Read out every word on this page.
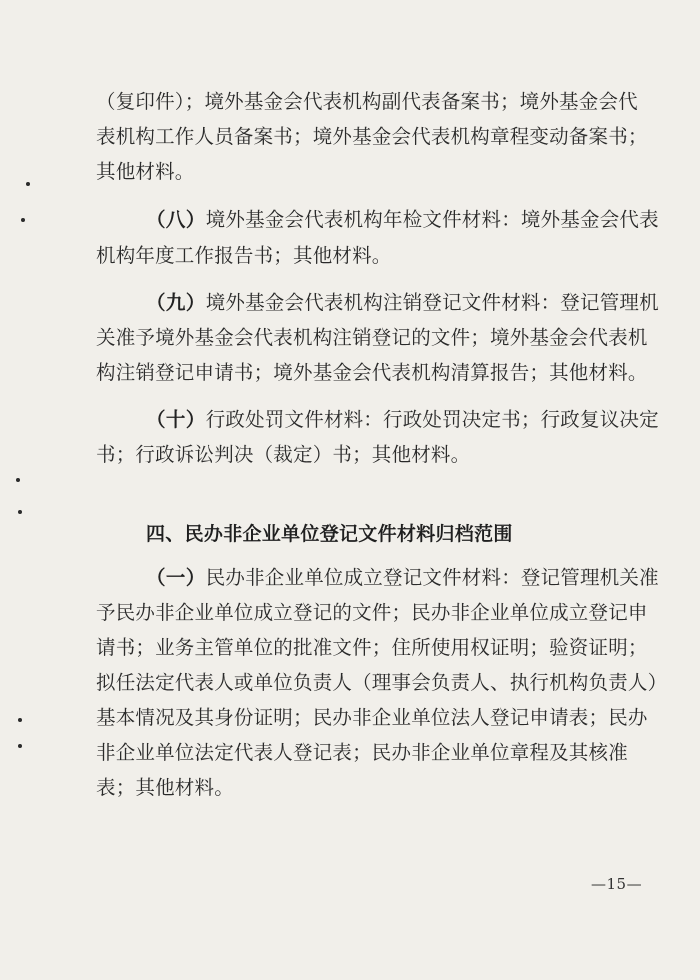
（复印件）；境外基金会代表机构副代表备案书；境外基金会代
表机构工作人员备案书；境外基金会代表机构章程变动备案书；
其他材料。
（八）境外基金会代表机构年检文件材料：境外基金会代表
机构年度工作报告书；其他材料。
（九）境外基金会代表机构注销登记文件材料：登记管理机
关准予境外基金会代表机构注销登记的文件；境外基金会代表机
构注销登记申请书；境外基金会代表机构清算报告；其他材料。
（十）行政处罚文件材料：行政处罚决定书；行政复议决定
书；行政诉讼判决（裁定）书；其他材料。
四、民办非企业单位登记文件材料归档范围
（一）民办非企业单位成立登记文件材料：登记管理机关准
予民办非企业单位成立登记的文件；民办非企业单位成立登记申
请书；业务主管单位的批准文件；住所使用权证明；验资证明；
拟任法定代表人或单位负责人（理事会负责人、执行机构负责人）
基本情况及其身份证明；民办非企业单位法人登记申请表；民办
非企业单位法定代表人登记表；民办非企业单位章程及其核准
表；其他材料。
—15—
